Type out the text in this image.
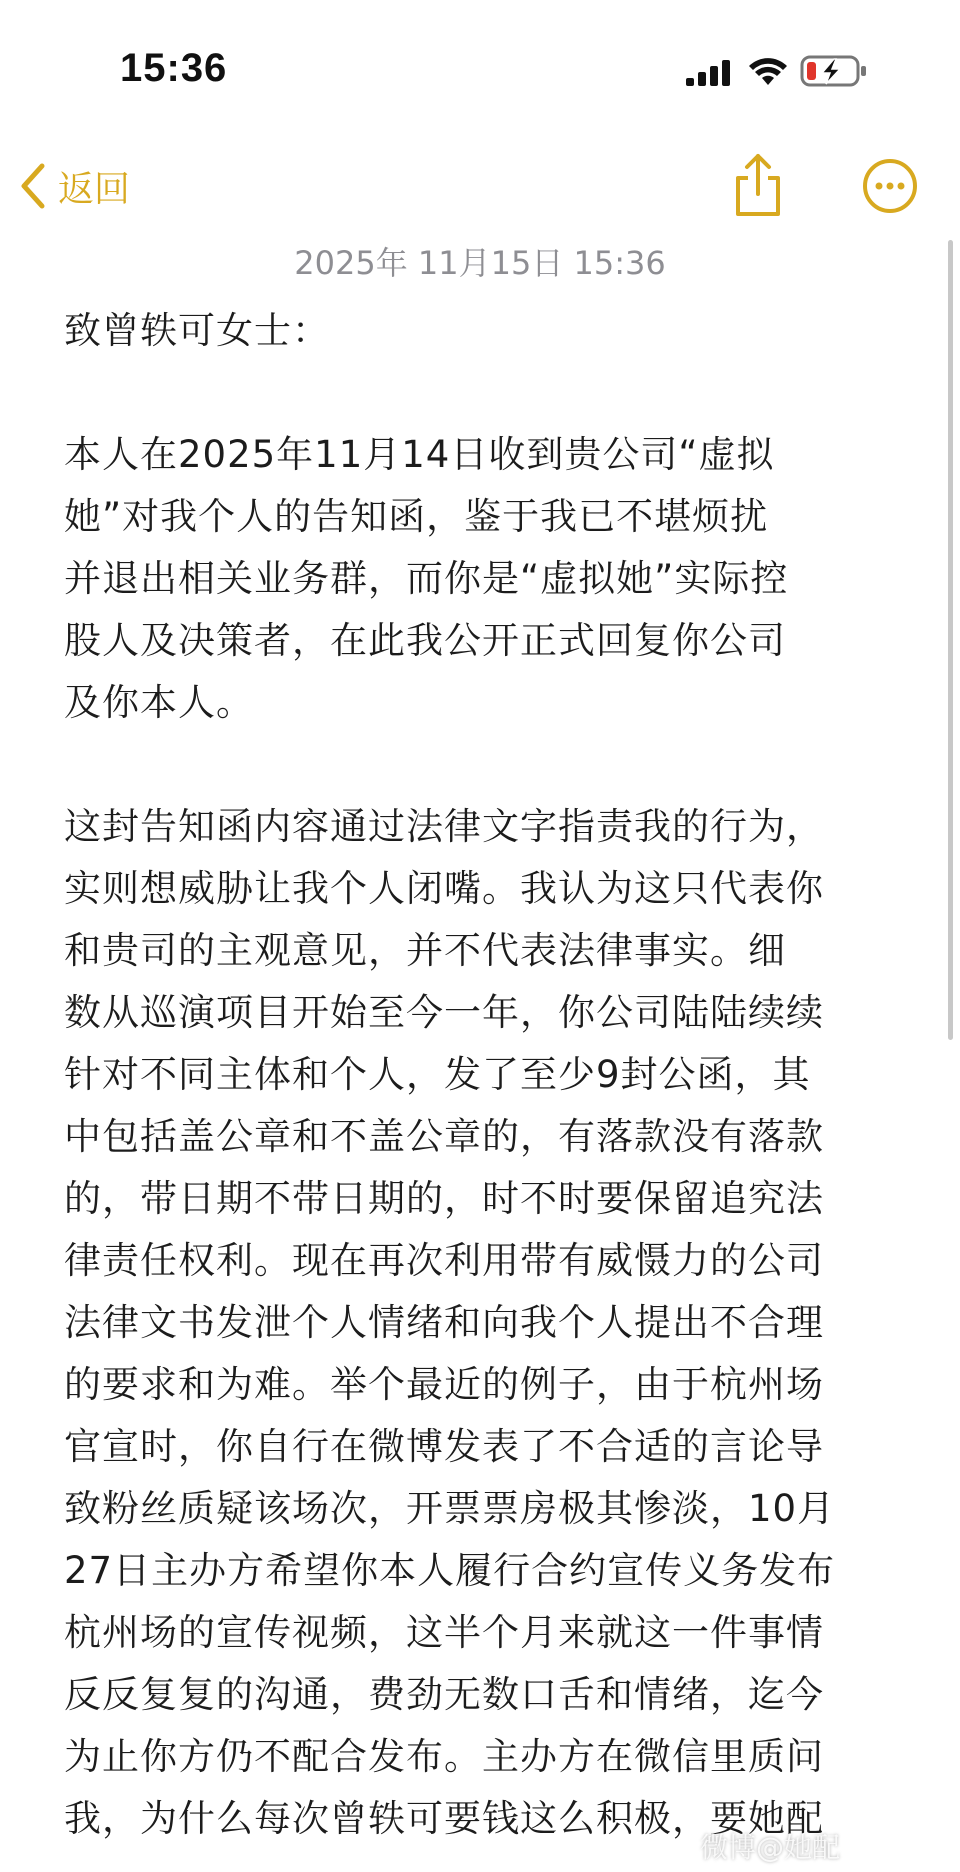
15:36
返回
2025年 11月15日 15:36

致曾轶可女士：

本人在2025年11月14日收到贵公司“虚拟
她”对我个人的告知函，鉴于我已不堪烦扰
并退出相关业务群，而你是“虚拟她”实际控
股人及决策者，在此我公开正式回复你公司
及你本人。

这封告知函内容通过法律文字指责我的行为，
实则想威胁让我个人闭嘴。我认为这只代表你
和贵司的主观意见，并不代表法律事实。细
数从巡演项目开始至今一年，你公司陆陆续续
针对不同主体和个人，发了至少9封公函，其
中包括盖公章和不盖公章的，有落款没有落款
的，带日期不带日期的，时不时要保留追究法
律责任权利。现在再次利用带有威慑力的公司
法律文书发泄个人情绪和向我个人提出不合理
的要求和为难。举个最近的例子，由于杭州场
官宣时，你自行在微博发表了不合适的言论导
致粉丝质疑该场次，开票票房极其惨淡，10月
27日主办方希望你本人履行合约宣传义务发布
杭州场的宣传视频，这半个月来就这一件事情
反反复复的沟通，费劲无数口舌和情绪，迄今
为止你方仍不配合发布。主办方在微信里质问
我，为什么每次曾轶可要钱这么积极，要她配

微博@她配
